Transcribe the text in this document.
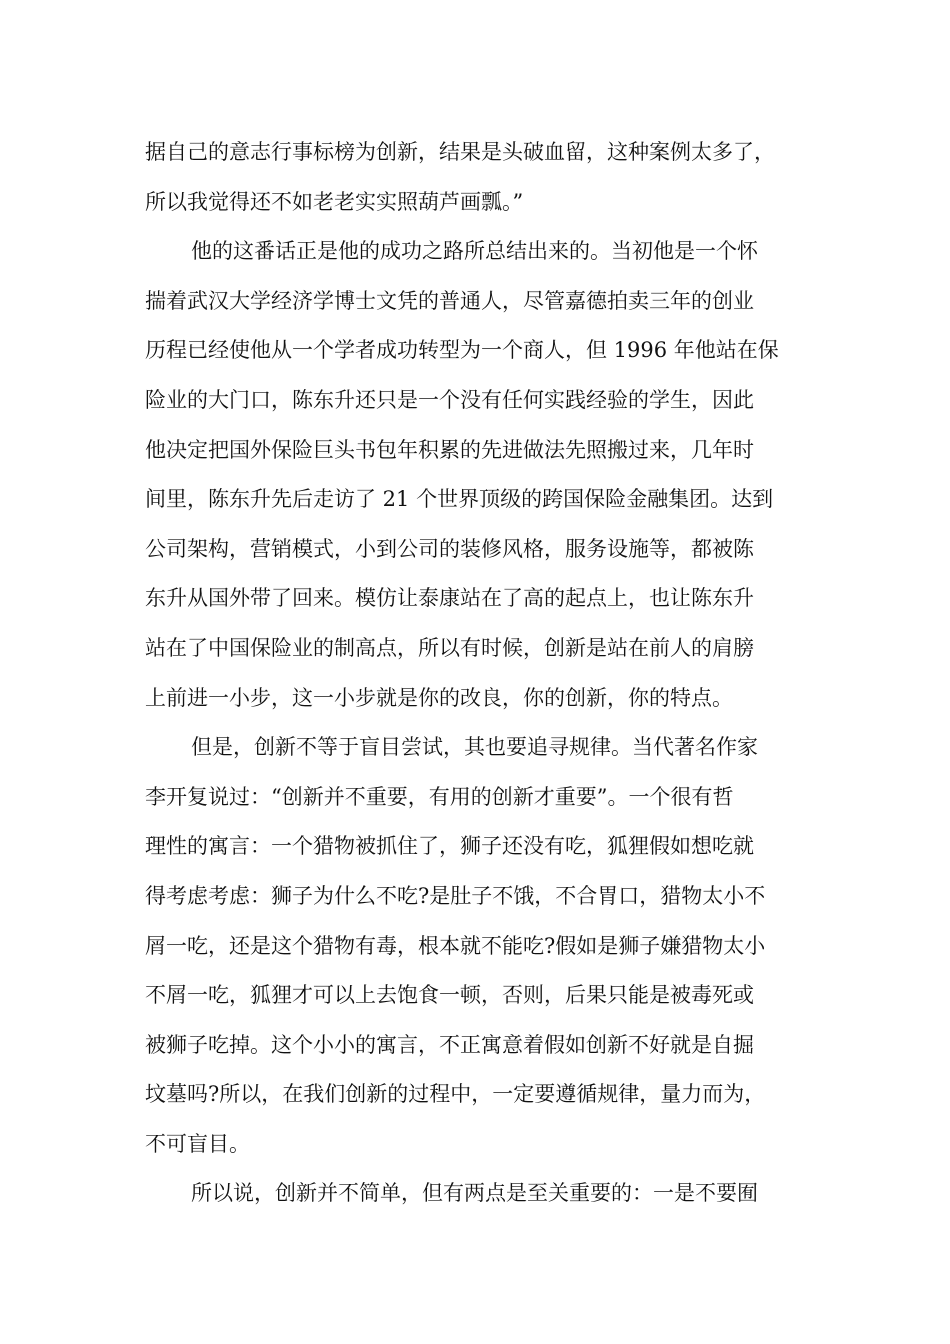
据自己的意志行事标榜为创新，结果是头破血留，这种案例太多了，
所以我觉得还不如老老实实照葫芦画瓢。”
他的这番话正是他的成功之路所总结出来的。当初他是一个怀
揣着武汉大学经济学博士文凭的普通人，尽管嘉德拍卖三年的创业
历程已经使他从一个学者成功转型为一个商人，但 1996 年他站在保
险业的大门口，陈东升还只是一个没有任何实践经验的学生，因此
他决定把国外保险巨头书包年积累的先进做法先照搬过来，几年时
间里，陈东升先后走访了 21 个世界顶级的跨国保险金融集团。达到
公司架构，营销模式，小到公司的装修风格，服务设施等，都被陈
东升从国外带了回来。模仿让泰康站在了高的起点上，也让陈东升
站在了中国保险业的制高点，所以有时候，创新是站在前人的肩膀
上前进一小步，这一小步就是你的改良，你的创新，你的特点。
但是，创新不等于盲目尝试，其也要追寻规律。当代著名作家
李开复说过：“创新并不重要，有用的创新才重要”。一个很有哲
理性的寓言：一个猎物被抓住了，狮子还没有吃，狐狸假如想吃就
得考虑考虑：狮子为什么不吃?是肚子不饿，不合胃口，猎物太小不
屑一吃，还是这个猎物有毒，根本就不能吃?假如是狮子嫌猎物太小
不屑一吃，狐狸才可以上去饱食一顿，否则，后果只能是被毒死或
被狮子吃掉。这个小小的寓言，不正寓意着假如创新不好就是自掘
坟墓吗?所以，在我们创新的过程中，一定要遵循规律，量力而为，
不可盲目。
所以说，创新并不简单，但有两点是至关重要的：一是不要囿
